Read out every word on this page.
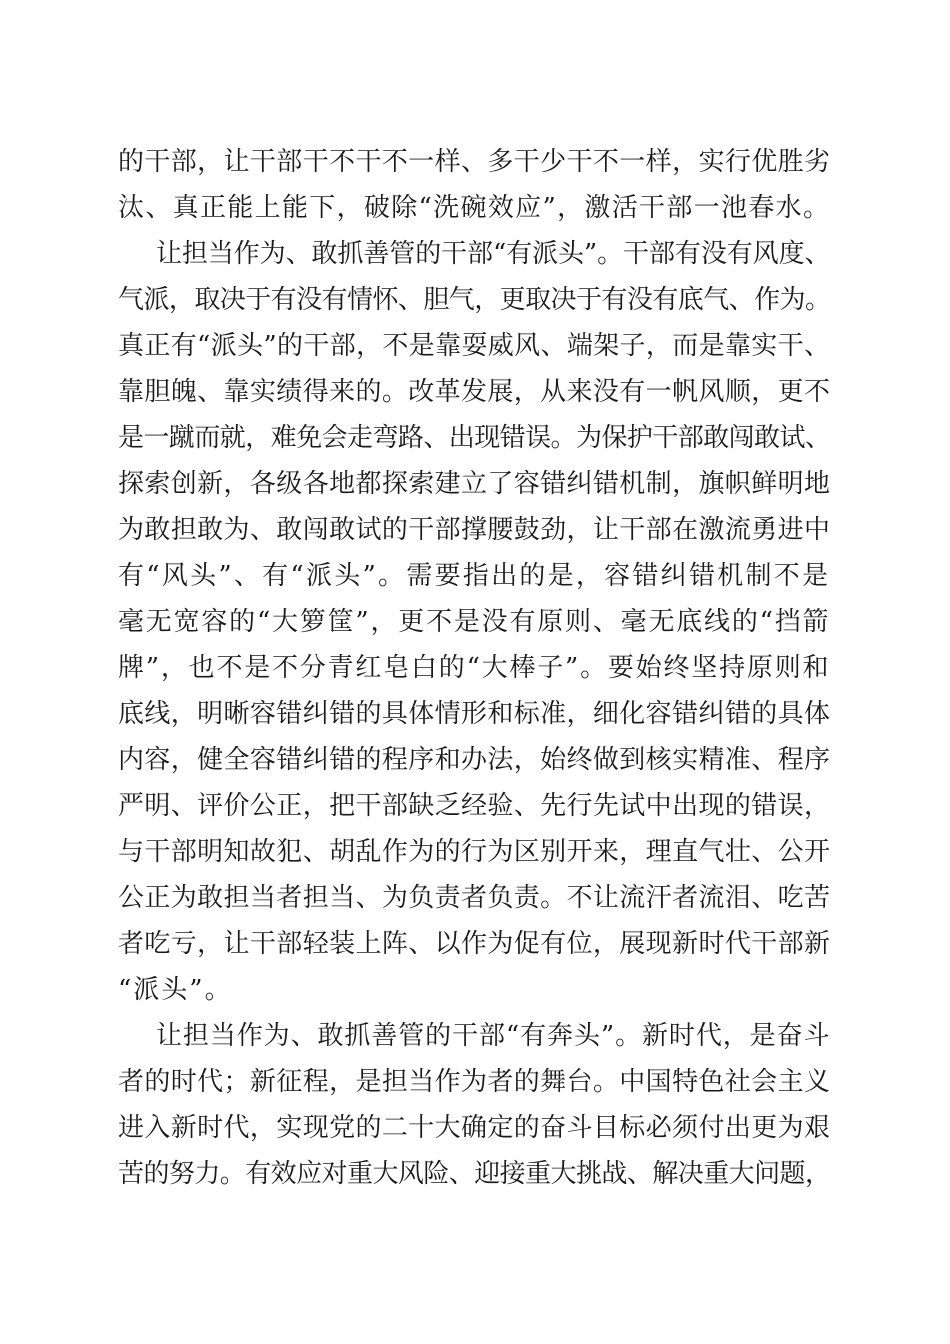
的干部，让干部干不干不一样、多干少干不一样，实行优胜劣
汰、真正能上能下，破除“洗碗效应”，激活干部一池春水。
让担当作为、敢抓善管的干部“有派头”。干部有没有风度、
气派，取决于有没有情怀、胆气，更取决于有没有底气、作为。
真正有“派头”的干部，不是靠耍威风、端架子，而是靠实干、
靠胆魄、靠实绩得来的。改革发展，从来没有一帆风顺，更不
是一蹴而就，难免会走弯路、出现错误。为保护干部敢闯敢试、
探索创新，各级各地都探索建立了容错纠错机制，旗帜鲜明地
为敢担敢为、敢闯敢试的干部撑腰鼓劲，让干部在激流勇进中
有“风头”、有“派头”。需要指出的是，容错纠错机制不是
毫无宽容的“大箩筐”，更不是没有原则、毫无底线的“挡箭
牌”，也不是不分青红皂白的“大棒子”。要始终坚持原则和
底线，明晰容错纠错的具体情形和标准，细化容错纠错的具体
内容，健全容错纠错的程序和办法，始终做到核实精准、程序
严明、评价公正，把干部缺乏经验、先行先试中出现的错误，
与干部明知故犯、胡乱作为的行为区别开来，理直气壮、公开
公正为敢担当者担当、为负责者负责。不让流汗者流泪、吃苦
者吃亏，让干部轻装上阵、以作为促有位，展现新时代干部新
“派头”。
让担当作为、敢抓善管的干部“有奔头”。新时代，是奋斗
者的时代；新征程，是担当作为者的舞台。中国特色社会主义
进入新时代，实现党的二十大确定的奋斗目标必须付出更为艰
苦的努力。有效应对重大风险、迎接重大挑战、解决重大问题，
